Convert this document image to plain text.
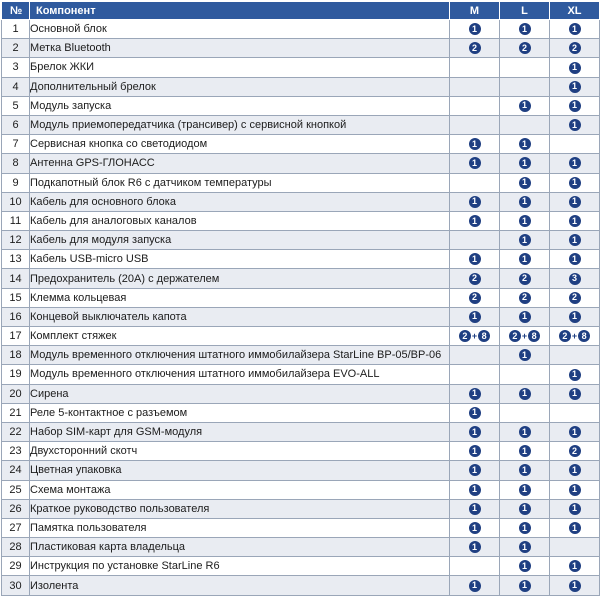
№	Компонент	M	L	XL
1	Основной блок	1	1	1
2	Метка Bluetooth	2	2	2
3	Брелок ЖКИ			1
4	Дополнительный брелок			1
5	Модуль запуска		1	1
6	Модуль приемопередатчика (трансивер) с сервисной кнопкой			1
7	Сервисная кнопка со светодиодом	1	1	
8	Антенна GPS-ГЛОНАСС	1	1	1
9	Подкапотный блок R6 с датчиком температуры		1	1
10	Кабель для основного блока	1	1	1
11	Кабель для аналоговых каналов	1	1	1
12	Кабель для модуля запуска		1	1
13	Кабель USB-micro USB	1	1	1
14	Предохранитель (20А) с держателем	2	2	3
15	Клемма кольцевая	2	2	2
16	Концевой выключатель капота	1	1	1
17	Комплект стяжек	2 + 8	2 + 8	2 + 8

18	Модуль временного отключения штатного иммобилайзера StarLine BP-05/BP-06		1	
19	Модуль временного отключения штатного иммобилайзера EVO-ALL			1
20	Сирена	1	1	1
21	Реле 5-контактное с разъемом	1		
22	Набор SIM-карт для GSM-модуля	1	1	1
23	Двухсторонний скотч	1	1	2
24	Цветная упаковка	1	1	1
25	Схема монтажа	1	1	1
26	Краткое руководство пользователя	1	1	1
27	Памятка пользователя	1	1	1
28	Пластиковая карта владельца	1	1	
29	Инструкция по установке StarLine R6		1	1
30	Изолента	1	1	1
